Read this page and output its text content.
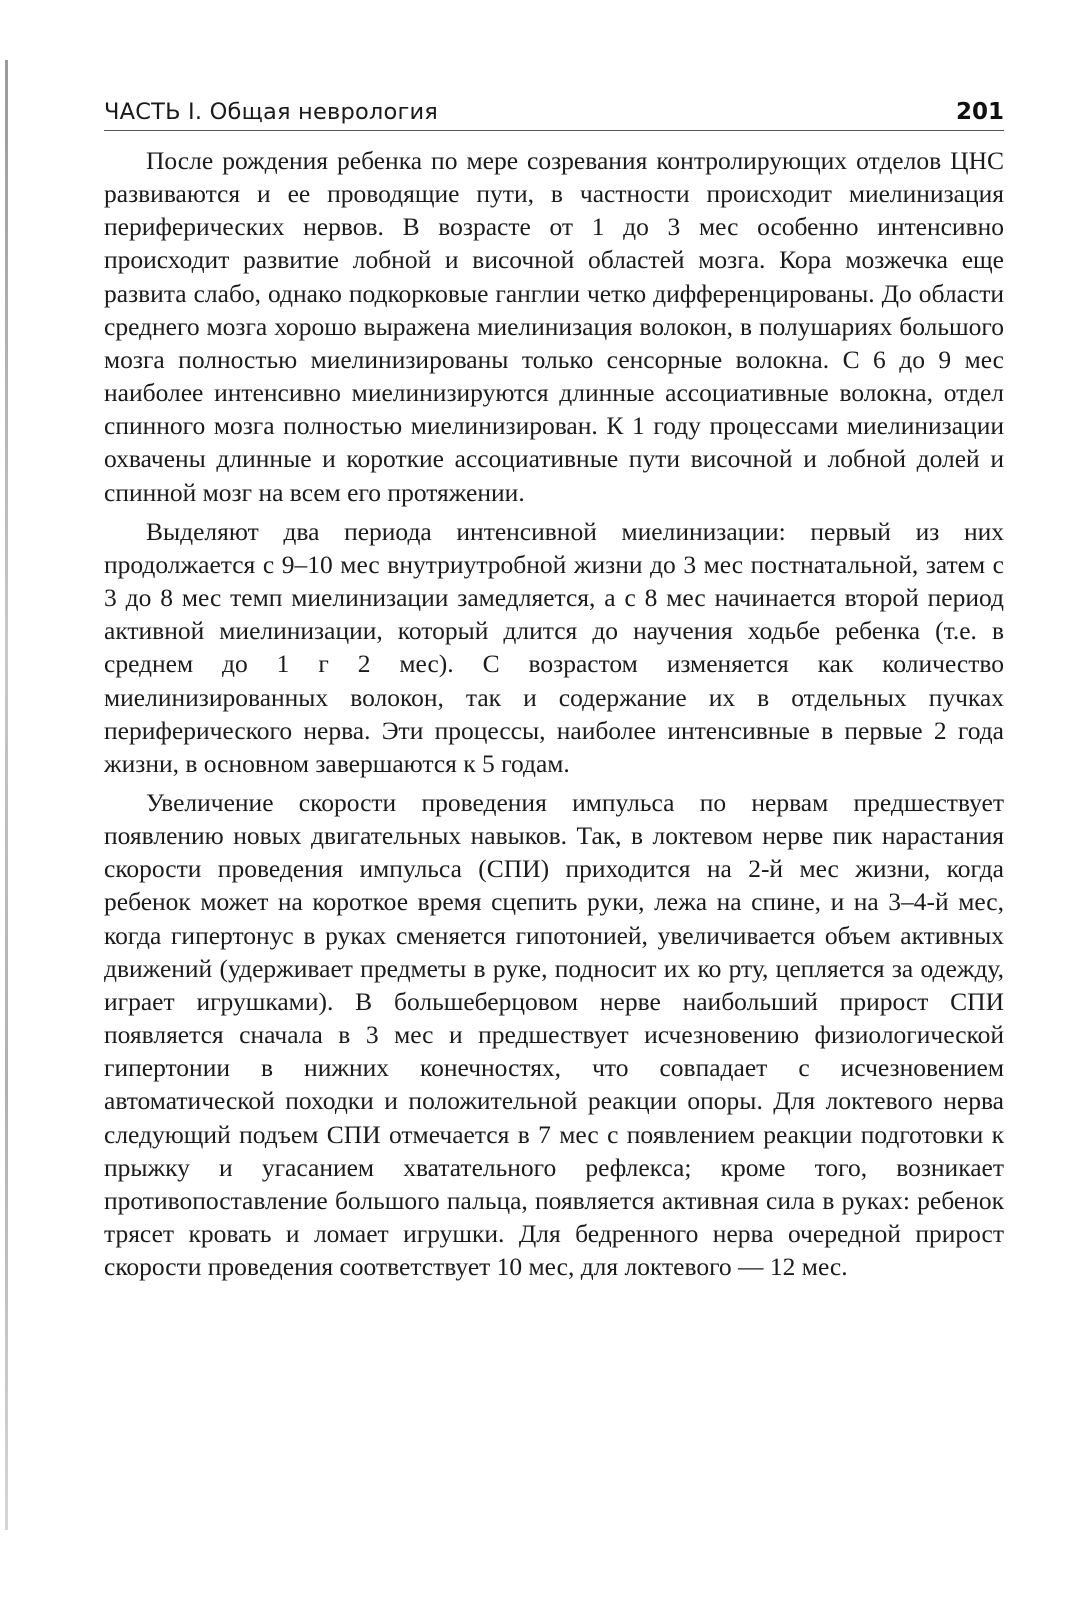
ЧАСТЬ I. Общая неврология	201

После рождения ребенка по мере созревания контролирующих отделов ЦНС развиваются и ее проводящие пути, в частности происходит миелинизация периферических нервов. В возрасте от 1 до 3 мес особенно интенсивно происходит развитие лобной и височной областей мозга. Кора мозжечка еще развита слабо, однако подкорковые ганглии четко дифференцированы. До области среднего мозга хорошо выражена миелинизация волокон, в полушариях большого мозга полностью миелинизированы только сенсорные волокна. С 6 до 9 мес наиболее интенсивно миелинизируются длинные ассоциативные волокна, отдел спинного мозга полностью миелинизирован. К 1 году процессами миелинизации охвачены длинные и короткие ассоциативные пути височной и лобной долей и спинной мозг на всем его протяжении.

Выделяют два периода интенсивной миелинизации: первый из них продолжается с 9–10 мес внутриутробной жизни до 3 мес постнатальной, затем с 3 до 8 мес темп миелинизации замедляется, а с 8 мес начинается второй период активной миелинизации, который длится до научения ходьбе ребенка (т.е. в среднем до 1 г 2 мес). С возрастом изменяется как количество миелинизированных волокон, так и содержание их в отдельных пучках периферического нерва. Эти процессы, наиболее интенсивные в первые 2 года жизни, в основном завершаются к 5 годам.

Увеличение скорости проведения импульса по нервам предшествует появлению новых двигательных навыков. Так, в локтевом нерве пик нарастания скорости проведения импульса (СПИ) приходится на 2-й мес жизни, когда ребенок может на короткое время сцепить руки, лежа на спине, и на 3–4-й мес, когда гипертонус в руках сменяется гипотонией, увеличивается объем активных движений (удерживает предметы в руке, подносит их ко рту, цепляется за одежду, играет игрушками). В большеберцовом нерве наибольший прирост СПИ появляется сначала в 3 мес и предшествует исчезновению физиологической гипертонии в нижних конечностях, что совпадает с исчезновением автоматической походки и положительной реакции опоры. Для локтевого нерва следующий подъем СПИ отмечается в 7 мес с появлением реакции подготовки к прыжку и угасанием хватательного рефлекса; кроме того, возникает противопоставление большого пальца, появляется активная сила в руках: ребенок трясет кровать и ломает игрушки. Для бедренного нерва очередной прирост скорости проведения соответствует 10 мес, для локтевого — 12 мес.
